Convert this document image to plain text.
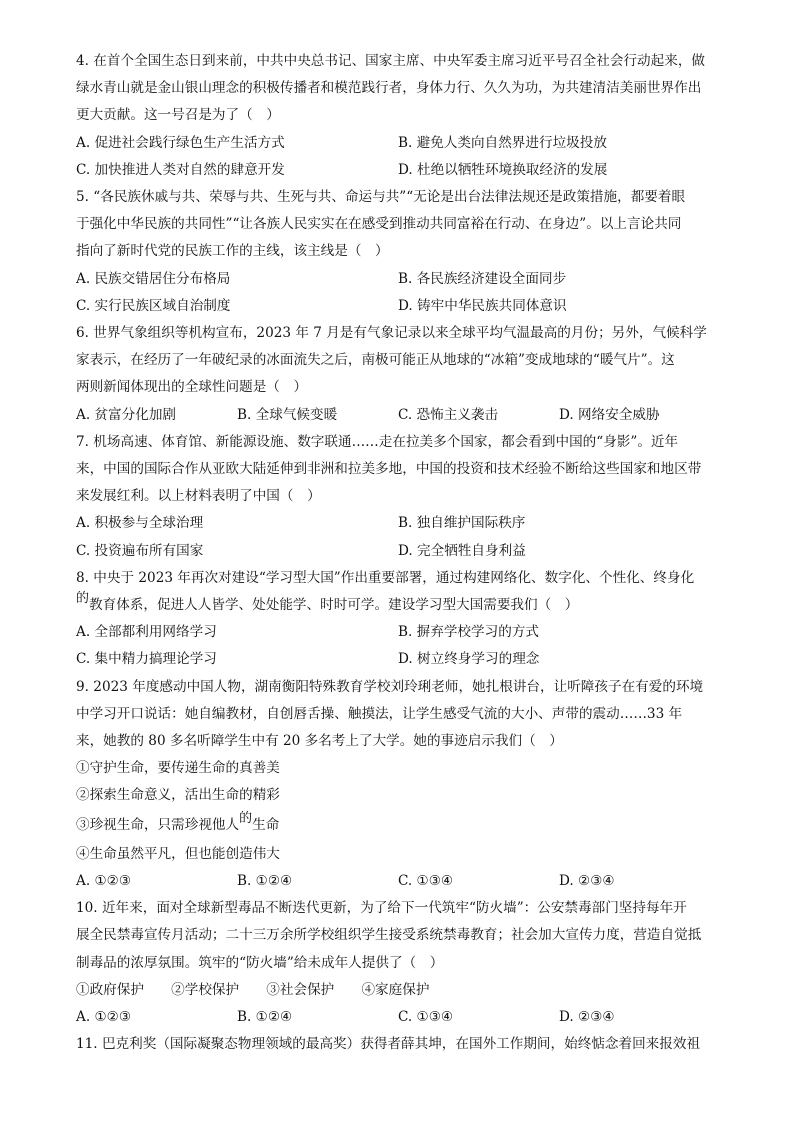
4. 在首个全国生态日到来前，中共中央总书记、国家主席、中央军委主席习近平号召全社会行动起来，做

绿水青山就是金山银山理念的积极传播者和模范践行者，身体力行、久久为功，为共建清洁美丽世界作出

更大贡献。这一号召是为了（　）

A. 促进社会践行绿色生产生活方式	B. 避免人类向自然界进行垃圾投放
C. 加快推进人类对自然的肆意开发	D. 杜绝以牺牲环境换取经济的发展

5. “各民族休戚与共、荣辱与共、生死与共、命运与共”“无论是出台法律法规还是政策措施，都要着眼

于强化中华民族的共同性”“让各族人民实实在在感受到推动共同富裕在行动、在身边”。以上言论共同

指向了新时代党的民族工作的主线，该主线是（　）

A. 民族交错居住分布格局	B. 各民族经济建设全面同步
C. 实行民族区域自治制度	D. 铸牢中华民族共同体意识

6. 世界气象组织等机构宣布，2023 年 7 月是有气象记录以来全球平均气温最高的月份；另外，气候科学

家表示，在经历了一年破纪录的冰面流失之后，南极可能正从地球的“冰箱”变成地球的“暖气片”。这

两则新闻体现出的全球性问题是（　）

A. 贫富分化加剧	B. 全球气候变暖	C. 恐怖主义袭击	D. 网络安全威胁

7. 机场高速、体育馆、新能源设施、数字联通……走在拉美多个国家，都会看到中国的“身影”。近年

来，中国的国际合作从亚欧大陆延伸到非洲和拉美多地，中国的投资和技术经验不断给这些国家和地区带

来发展红利。以上材料表明了中国（　）

A. 积极参与全球治理	B. 独自维护国际秩序
C. 投资遍布所有国家	D. 完全牺牲自身利益

8. 中央于 2023 年再次对建设“学习型大国”作出重要部署，通过构建网络化、数字化、个性化、终身化

的教育体系，促进人人皆学、处处能学、时时可学。建设学习型大国需要我们（　）

A. 全部都利用网络学习	B. 摒弃学校学习的方式
C. 集中精力搞理论学习	D. 树立终身学习的理念

9. 2023 年度感动中国人物，湖南衡阳特殊教育学校刘玲琍老师，她扎根讲台，让听障孩子在有爱的环境

中学习开口说话：她自编教材，自创唇舌操、触摸法，让学生感受气流的大小、声带的震动……33 年

来，她教的 80 多名听障学生中有 20 多名考上了大学。她的事迹启示我们（　）

①守护生命，要传递生命的真善美

②探索生命意义，活出生命的精彩

③珍视生命，只需珍视他人的生命

④生命虽然平凡，但也能创造伟大

A. ①②③	B. ①②④	C. ①③④	D. ②③④

10. 近年来，面对全球新型毒品不断迭代更新，为了给下一代筑牢“防火墙”：公安禁毒部门坚持每年开

展全民禁毒宣传月活动；二十三万余所学校组织学生接受系统禁毒教育；社会加大宣传力度，营造自觉抵

制毒品的浓厚氛围。筑牢的“防火墙”给未成年人提供了（　）

①政府保护　　②学校保护　　③社会保护　　④家庭保护

A. ①②③	B. ①②④	C. ①③④	D. ②③④

11. 巴克利奖（国际凝聚态物理领域的最高奖）获得者薛其坤，在国外工作期间，始终惦念着回来报效祖
